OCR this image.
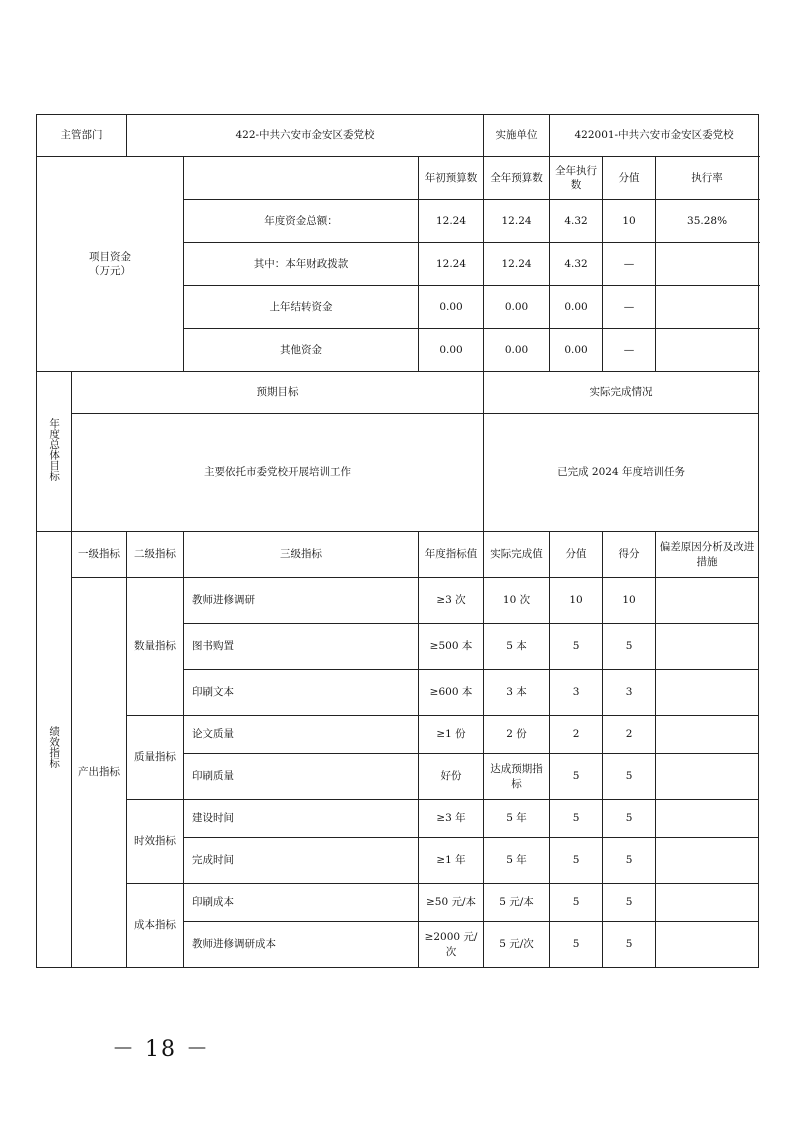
主管部门		422-中共六安市金安区委党校			实施单位	422001-中共六安市金安区委党校			
项目资金
（万元）				年初预算数	全年预算数	全年执行数	分值	执行率	
			年度资金总额：	12.24	12.24	4.32	10	35.28%	
			其中：本年财政拨款	12.24	12.24	4.32	—		
			上年结转资金	0.00	0.00	0.00	—		
			其他资金	0.00	0.00	0.00	—		
年度总体目标	预期目标				实际完成情况				
	主要依托市委党校开展培训工作				已完成 2024 年度培训任务				
绩效指标	一级指标	二级指标	三级指标	年度指标值	实际完成值	分值	得分	偏差原因分析及改进措施	
	产出指标	数量指标	教师进修调研	≥3 次	10 次	10	10		
			图书购置	≥500 本	5 本	5	5		
			印刷文本	≥600 本	3 本	3	3		
		质量指标	论文质量	≥1 份	2 份	2	2		
			印刷质量	好份	达成预期指标	5	5		
		时效指标	建设时间	≥3 年	5 年	5	5		
			完成时间	≥1 年	5 年	5	5		
		成本指标	印刷成本	≥50 元/本	5 元/本	5	5		
			教师进修调研成本	≥2000 元/次	5 元/次	5	5		
－ 18 －
